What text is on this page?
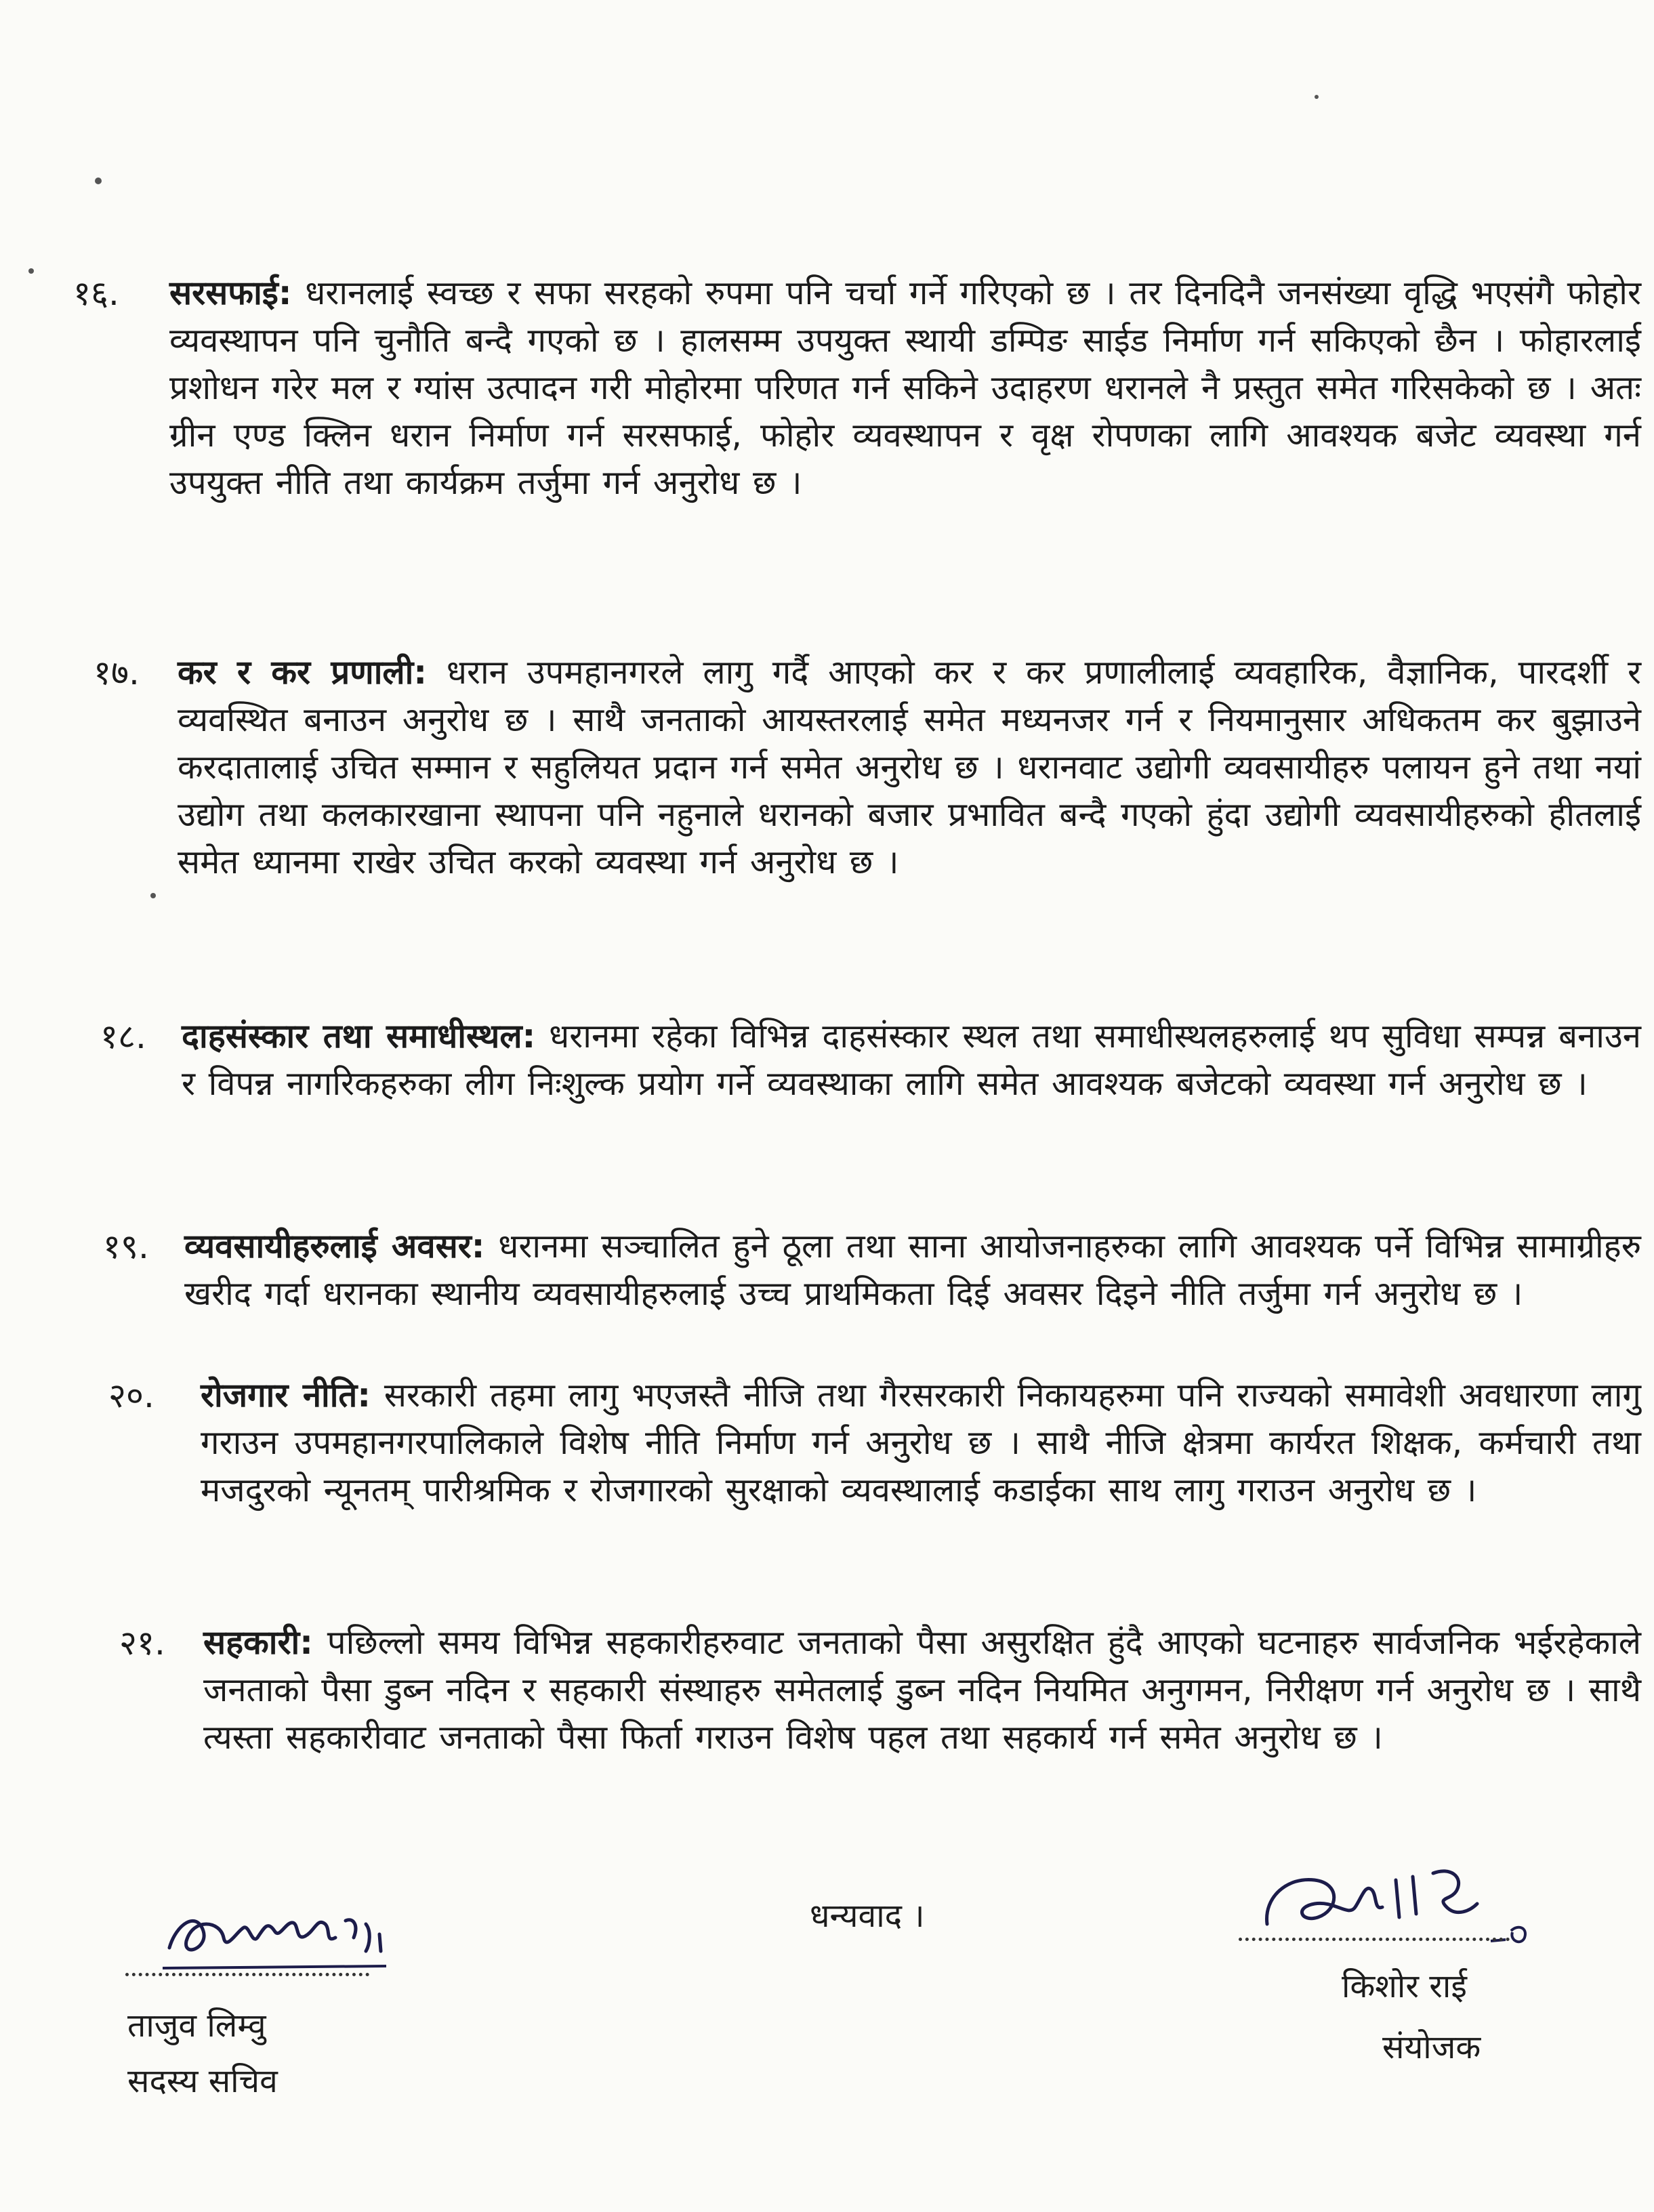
१६. सरसफाई: धरानलाई स्वच्छ र सफा सरहको रुपमा पनि चर्चा गर्ने गरिएको छ । तर दिनदिनै जनसंख्या वृद्धि भएसंगै फोहोर व्यवस्थापन पनि चुनौति बन्दै गएको छ । हालसम्म उपयुक्त स्थायी डम्पिङ साईड निर्माण गर्न सकिएको छैन । फोहारलाई प्रशोधन गरेर मल र ग्यांस उत्पादन गरी मोहोरमा परिणत गर्न सकिने उदाहरण धरानले नै प्रस्तुत समेत गरिसकेको छ । अतः ग्रीन एण्ड क्लिन धरान निर्माण गर्न सरसफाई, फोहोर व्यवस्थापन र वृक्ष रोपणका लागि आवश्यक बजेट व्यवस्था गर्न उपयुक्त नीति तथा कार्यक्रम तर्जुमा गर्न अनुरोध छ ।

१७. कर र कर प्रणाली: धरान उपमहानगरले लागु गर्दै आएको कर र कर प्रणालीलाई व्यवहारिक, वैज्ञानिक, पारदर्शी र व्यवस्थित बनाउन अनुरोध छ । साथै जनताको आयस्तरलाई समेत मध्यनजर गर्न र नियमानुसार अधिकतम कर बुझाउने करदातालाई उचित सम्मान र सहुलियत प्रदान गर्न समेत अनुरोध छ । धरानवाट उद्योगी व्यवसायीहरु पलायन हुने तथा नयां उद्योग तथा कलकारखाना स्थापना पनि नहुनाले धरानको बजार प्रभावित बन्दै गएको हुंदा उद्योगी व्यवसायीहरुको हीतलाई समेत ध्यानमा राखेर उचित करको व्यवस्था गर्न अनुरोध छ ।

१८. दाहसंस्कार तथा समाधीस्थल: धरानमा रहेका विभिन्न दाहसंस्कार स्थल तथा समाधीस्थलहरुलाई थप सुविधा सम्पन्न बनाउन र विपन्न नागरिकहरुका लीग निःशुल्क प्रयोग गर्ने व्यवस्थाका लागि समेत आवश्यक बजेटको व्यवस्था गर्न अनुरोध छ ।

१९. व्यवसायीहरुलाई अवसर: धरानमा सञ्चालित हुने ठूला तथा साना आयोजनाहरुका लागि आवश्यक पर्ने विभिन्न सामाग्रीहरु खरीद गर्दा धरानका स्थानीय व्यवसायीहरुलाई उच्च प्राथमिकता दिई अवसर दिइने नीति तर्जुमा गर्न अनुरोध छ ।

२०. रोजगार नीति: सरकारी तहमा लागु भएजस्तै नीजि तथा गैरसरकारी निकायहरुमा पनि राज्यको समावेशी अवधारणा लागु गराउन उपमहानगरपालिकाले विशेष नीति निर्माण गर्न अनुरोध छ । साथै नीजि क्षेत्रमा कार्यरत शिक्षक, कर्मचारी तथा मजदुरको न्यूनतम् पारीश्रमिक र रोजगारको सुरक्षाको व्यवस्थालाई कडाईका साथ लागु गराउन अनुरोध छ ।

२१. सहकारी: पछिल्लो समय विभिन्न सहकारीहरुवाट जनताको पैसा असुरक्षित हुंदै आएको घटनाहरु सार्वजनिक भईरहेकाले जनताको पैसा डुब्न नदिन र सहकारी संस्थाहरु समेतलाई डुब्न नदिन नियमित अनुगमन, निरीक्षण गर्न अनुरोध छ । साथै त्यस्ता सहकारीवाट जनताको पैसा फिर्ता गराउन विशेष पहल तथा सहकार्य गर्न समेत अनुरोध छ ।

धन्यवाद ।
ताजुव लिम्वु
सदस्य सचिव
किशोर राई
संयोजक
